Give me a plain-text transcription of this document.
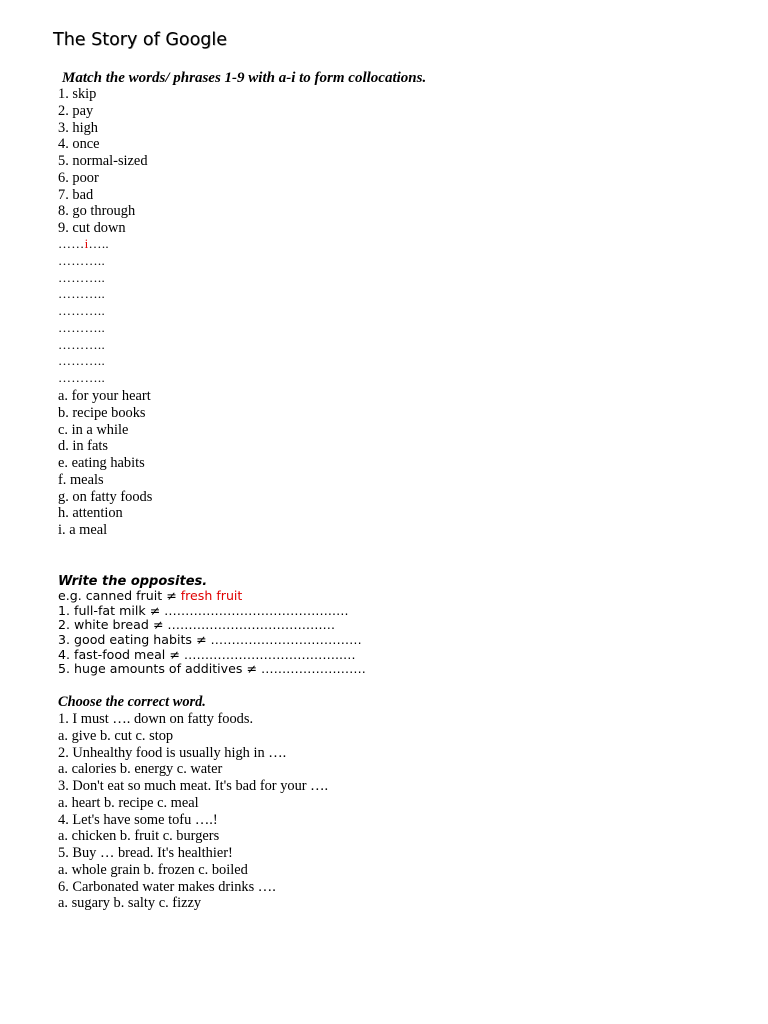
The Story of Google
Match the words/ phrases 1-9 with a-i to form collocations.
1. skip
2. pay
3. high
4. once
5. normal-sized
6. poor
7. bad
8. go through
9. cut down
……i…..
………..
………..
………..
………..
………..
………..
………..
………..
a. for your heart
b. recipe books
c. in a while
d. in fats
e. eating habits
f. meals
g. on fatty foods
h. attention
i. a meal
Write the opposites.
e.g. canned fruit ≠ fresh fruit
1. full-fat milk ≠ ………………………………….….
2. white bread ≠ ……………………………….…
3. good eating habits ≠ ………………………………
4. fast-food meal ≠ ………………………………..…
5. huge amounts of additives ≠ …………………….
Choose the correct word.
1. I must …. down on fatty foods.
a. give b. cut c. stop
2. Unhealthy food is usually high in ….
a. calories b. energy c. water
3. Don't eat so much meat. It's bad for your ….
a. heart b. recipe c. meal
4. Let's have some tofu ….!
a. chicken b. fruit c. burgers
5. Buy … bread. It's healthier!
a. whole grain b. frozen c. boiled
6. Carbonated water makes drinks ….
a. sugary b. salty c. fizzy
